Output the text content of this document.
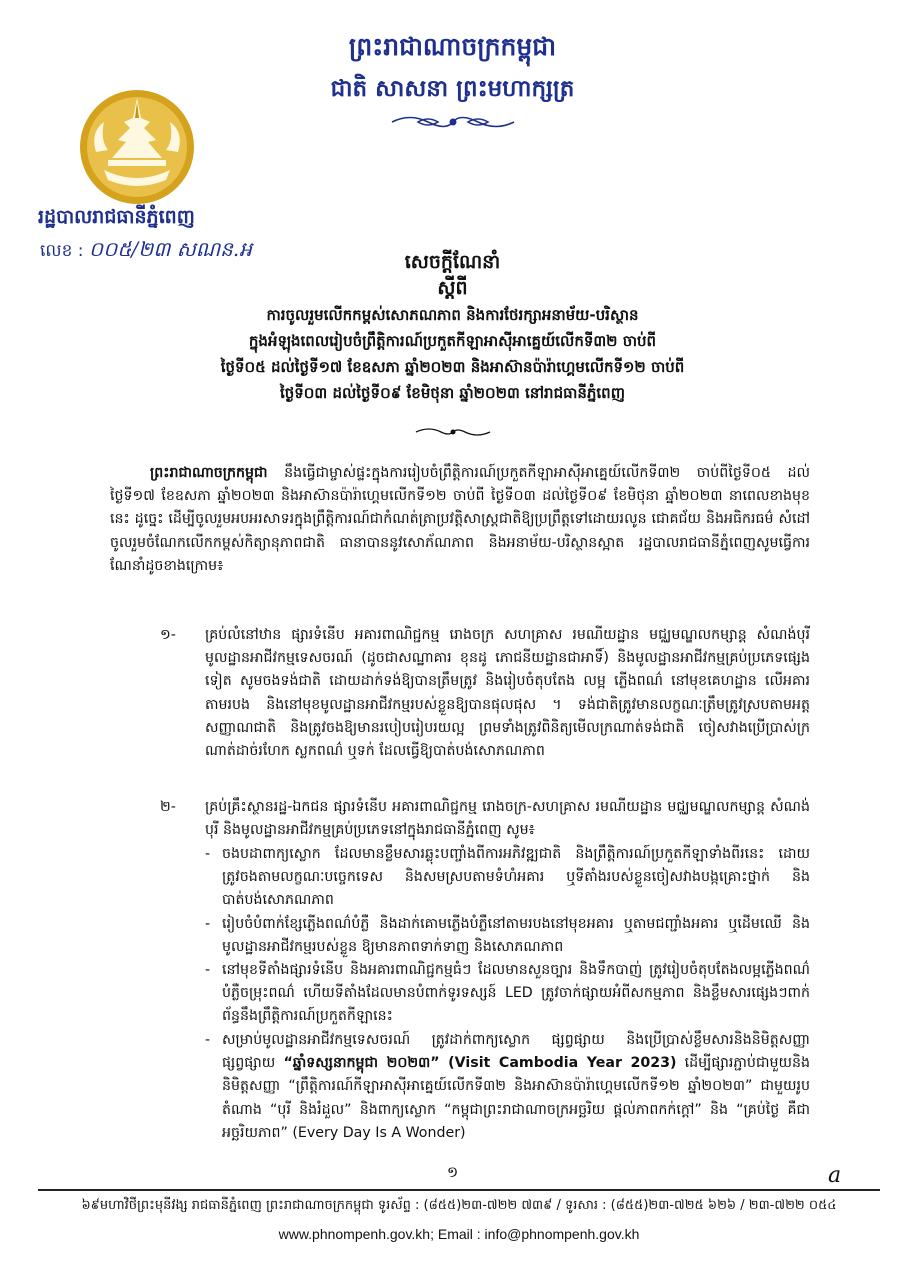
ព្រះរាជាណាចក្រកម្ពុជា
ជាតិ សាសនា ព្រះមហាក្សត្រ
រដ្ឋបាលរាជធានីភ្នំពេញ
លេខ : ០០៥/២៣ សណន.អ
សេចក្ដីណែនាំ
ស្ដីពី
ការចូលរួមលើកកម្ពស់សោភណភាព និងការថែរក្សាអនាម័យ-បរិស្ថាន
ក្នុងអំឡុងពេលរៀបចំព្រឹត្តិការណ៍ប្រកួតកីឡាអាស៊ីអាគ្នេយ៍លើកទី៣២ ចាប់ពី
ថ្ងៃទី០៥ ដល់ថ្ងៃទី១៧ ខែឧសភា ឆ្នាំ២០២៣ និងអាស៊ានប៉ារ៉ាហ្គេមលើកទី១២ ចាប់ពី
ថ្ងៃទី០៣ ដល់ថ្ងៃទី០៩ ខែមិថុនា ឆ្នាំ២០២៣ នៅរាជធានីភ្នំពេញ
ព្រះរាជាណាចក្រកម្ពុជា នឹងធ្វើជាម្ចាស់ផ្ទះក្នុងការរៀបចំព្រឹត្តិការណ៍ប្រកួតកីឡាអាស៊ីអាគ្នេយ៍លើកទី៣២ ចាប់ពីថ្ងៃទី០៥ ដល់ថ្ងៃទី១៧ ខែឧសភា ឆ្នាំ២០២៣ និងអាស៊ានប៉ារ៉ាហ្គេមលើកទី១២ ចាប់ពី ថ្ងៃទី០៣ ដល់ថ្ងៃទី០៩ ខែមិថុនា ឆ្នាំ២០២៣ នាពេលខាងមុខនេះ ដូច្នេះ ដើម្បីចូលរួមអបអរសាទរក្នុងព្រឹត្តិការណ៍ជាកំណត់ត្រាប្រវត្តិសាស្ត្រជាតិឱ្យប្រព្រឹត្តទៅដោយរលូន ជោគជ័យ និងអធិករធម៌ សំដៅចូលរួមចំណែកលើកកម្ពស់កិត្យានុភាពជាតិ ធានាបាននូវសោភ័ណភាព និងអនាម័យ-បរិស្ថានស្អាត រដ្ឋបាលរាជធានីភ្នំពេញសូមធ្វើការណែនាំដូចខាងក្រោម៖
១- គ្រប់លំនៅឋាន ផ្សារទំនើប អគារពាណិជ្ជកម្ម រោងចក្រ សហគ្រាស រមណីយដ្ឋាន មជ្ឈមណ្ឌលកម្សាន្ត សំណង់បុរី មូលដ្ឋានអាជីវកម្មទេសចរណ៍ (ដូចជាសណ្ឋាគារ ខុនដូ ភោជនីយដ្ឋានជាអាទិ៍) និងមូលដ្ឋានអាជីវកម្មគ្រប់ប្រភេទផ្សេងទៀត សូមចងទង់ជាតិ ដោយដាក់ទង់ឱ្យបានត្រឹមត្រូវ និងរៀបចំតុបតែង លម្អ ភ្លើងពណ៌ នៅមុខគេហដ្ឋាន លើអគារ តាមរបង និងនៅមុខមូលដ្ឋានអាជីវកម្មរបស់ខ្លួនឱ្យបានផុលផុស ។ ទង់ជាតិត្រូវមានលក្ខណៈត្រឹមត្រូវស្របតាមអត្តសញ្ញាណជាតិ និងត្រូវចងឱ្យមានរបៀបរៀបរយល្អ ព្រមទាំងត្រូវពិនិត្យមើលក្រណាត់ទង់ជាតិ ចៀសវាងប្រើប្រាស់ក្រណាត់ដាច់រហែក ស្លកពណ៌ ឬទក់ ដែលធ្វើឱ្យបាត់បង់សោភណភាព
២- គ្រប់គ្រឹះស្ថានរដ្ឋ-ឯកជន ផ្សារទំនើប អគារពាណិជ្ជកម្ម រោងចក្រ-សហគ្រាស រមណីយដ្ឋាន មជ្ឈមណ្ឌលកម្សាន្ត សំណង់បុរី និងមូលដ្ឋានអាជីវកម្មគ្រប់ប្រភេទនៅក្នុងរាជធានីភ្នំពេញ សូម៖
- ចងបដាពាក្យស្លោក ដែលមានខ្លឹមសារឆ្លុះបញ្ចាំងពីការអភិវឌ្ឍជាតិ និងព្រឹត្តិការណ៍ប្រកួតកីឡាទាំងពីរនេះ ដោយត្រូវចងតាមលក្ខណៈបច្ចេកទេស និងសមស្របតាមទំហំអគារ ឬទីតាំងរបស់ខ្លួនចៀសវាងបង្កគ្រោះថ្នាក់ និងបាត់បង់សោភណភាព
- រៀបចំបំពាក់ខ្សែភ្លើងពណ៌បំភ្លឺ និងដាក់គោមភ្លើងបំភ្លឺនៅតាមរបងនៅមុខអគារ ឬតាមជញ្ជាំងអគារ ឬដើមឈើ និងមូលដ្ឋានអាជីវកម្មរបស់ខ្លួន ឱ្យមានភាពទាក់ទាញ និងសោភណភាព
- នៅមុខទីតាំងផ្សារទំនើប និងអគារពាណិជ្ជកម្មធំៗ ដែលមានសួនច្បារ និងទឹកបាញ់ ត្រូវរៀបចំតុបតែងលម្អភ្លើងពណ៌បំភ្លឺចម្រុះពណ៌ ហើយទីតាំងដែលមានបំពាក់ទូរទស្សន៍ LED ត្រូវចាក់ផ្សាយអំពីសកម្មភាព និងខ្លឹមសារផ្សេងៗពាក់ព័ន្ធនឹងព្រឹត្តិការណ៍ប្រកួតកីឡានេះ
- សម្រាប់មូលដ្ឋានអាជីវកម្មទេសចរណ៍ ត្រូវដាក់ពាក្យស្លោក ផ្សព្វផ្សាយ និងប្រើប្រាស់ខ្លឹមសារនិងនិមិត្តសញ្ញាផ្សព្វផ្សាយ “ឆ្នាំទស្សនាកម្ពុជា ២០២៣” (Visit Cambodia Year 2023) ដើម្បីផ្សារភ្ជាប់ជាមួយនិងនិមិត្តសញ្ញា “ព្រឹត្តិការណ៍កីឡាអាស៊ីអាគ្នេយ៍លើកទី៣២ និងអាស៊ានប៉ារ៉ាហ្គេមលើកទី១២ ឆ្នាំ២០២៣” ជាមួយរូបតំណាង “បុរី និងរំដួល” និងពាក្យស្លោក “កម្ពុជាព្រះរាជាណាចក្រអច្ឆរិយ ផ្ដល់ភាពកក់ក្ដៅ” និង “គ្រប់ថ្ងៃ គឺជាអច្ឆរិយភាព” (Every Day Is A Wonder)
១	a
៦៩មហាវិថីព្រះមុនីវង្ស រាជធានីភ្នំពេញ ព្រះរាជាណាចក្រកម្ពុជា ទូរស័ព្ទ : (៨៥៥)២៣-៧២២ ៧៣៩ / ទូរសារ : (៨៥៥)២៣-៧២៥ ៦២៦ / ២៣-៧២២ ០៥៤
www.phnompenh.gov.kh; Email : info@phnompenh.gov.kh
